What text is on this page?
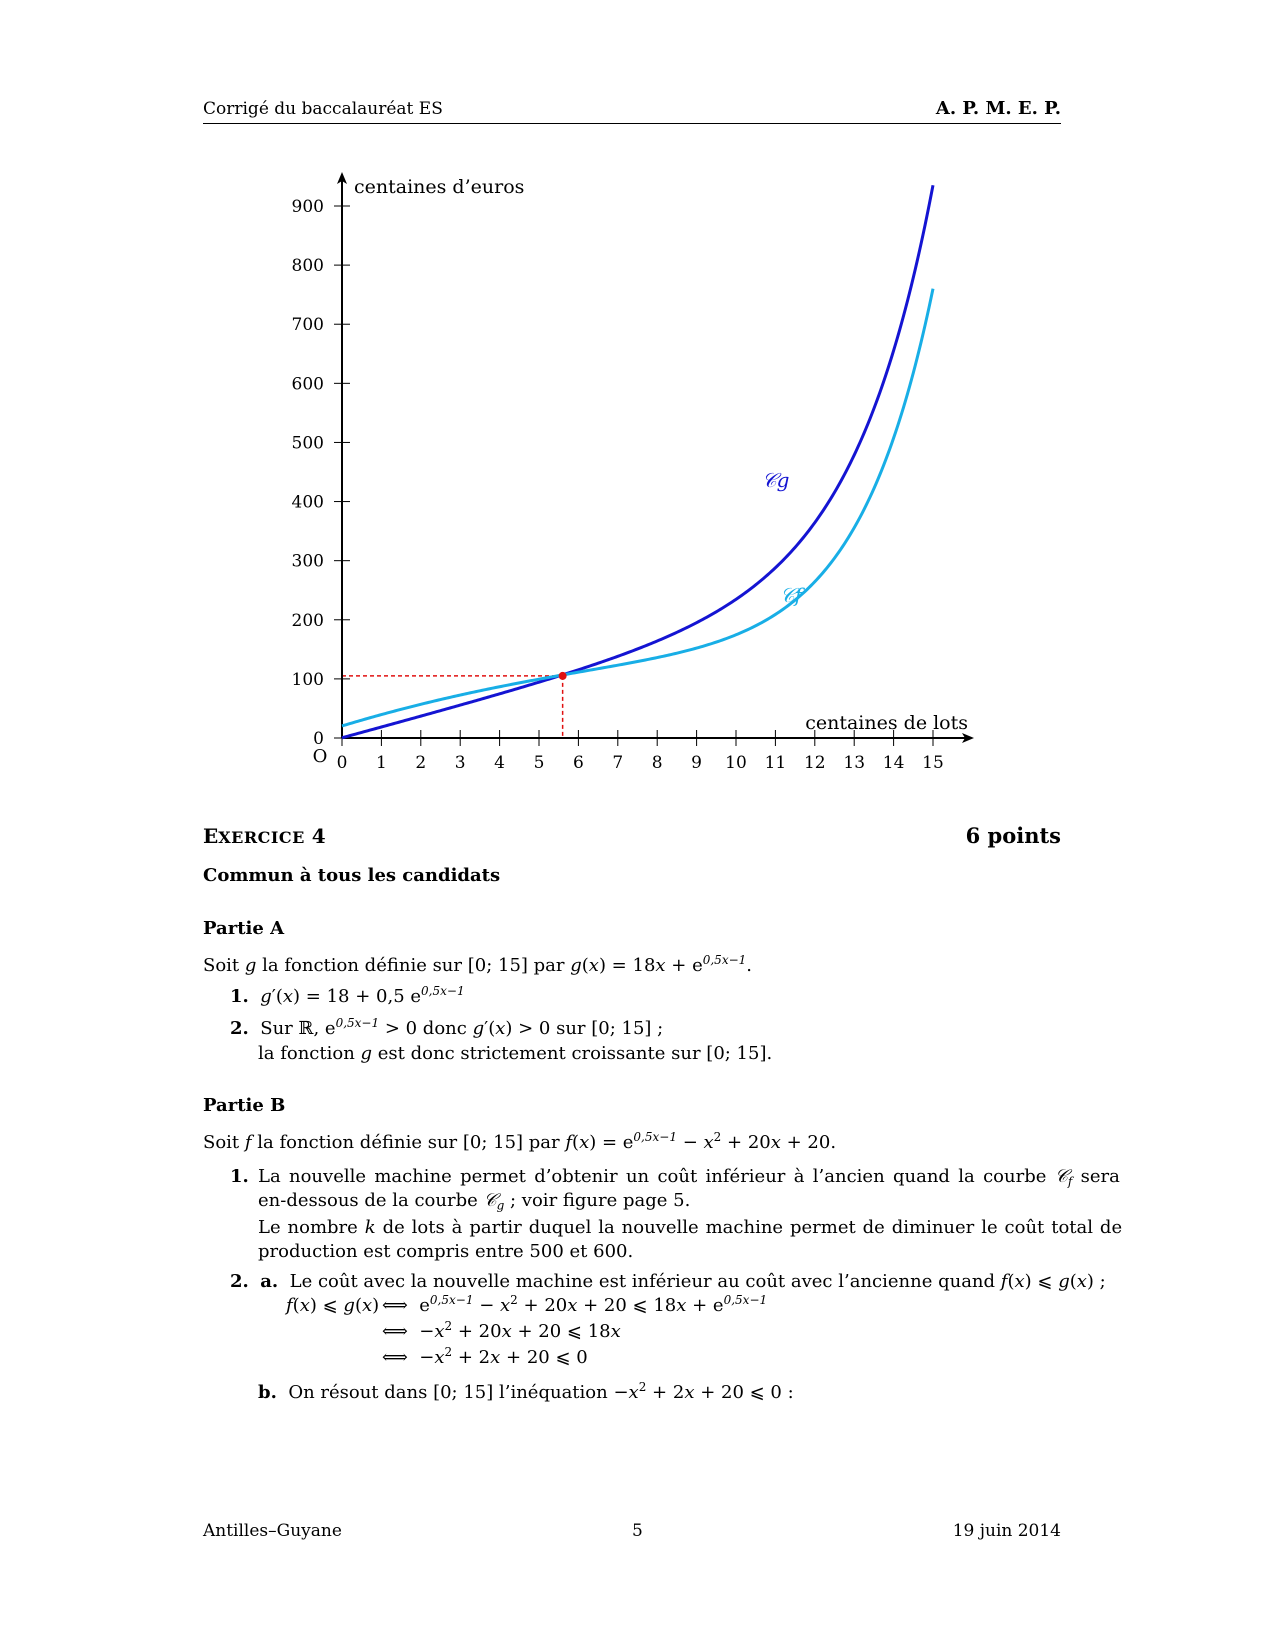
Corrigé du baccalauréat ES	A. P. M. E. P.
0 1 2 3 4 5 6 7 8 9 10 11 12 13 14 15
0
100
200
300
400
500
600
700
800
900
O
centaines d’euros
centaines de lots
𝒞g
𝒞f
EXERCICE 4	6 points
Commun à tous les candidats
Partie A
Soit g la fonction définie sur [0; 15] par $g(x) = 18x + e^{0,5x-1}$.
1. g′(x) = 18 + 0,5 $e^{0,5x-1}$
2. Sur ℝ, $e^{0,5x-1} > 0$ donc g′(x) > 0 sur [0; 15] ;
la fonction g est donc strictement croissante sur [0; 15].
Partie B
Soit f la fonction définie sur [0; 15] par $f(x) = e^{0,5x-1} - x^2 + 20x + 20$.
1. La nouvelle machine permet d’obtenir un coût inférieur à l’ancien quand la courbe 𝒞$_f$ sera
en-dessous de la courbe 𝒞$_g$ ; voir figure page 5.
Le nombre k de lots à partir duquel la nouvelle machine permet de diminuer le coût total de
production est compris entre 500 et 600.
2. a. Le coût avec la nouvelle machine est inférieur au coût avec l’ancienne quand f(x) ⩽ g(x) ;
f(x) ⩽ g(x) ⟺ $e^{0,5x-1} - x^2 + 20x + 20$ ⩽ $18x + e^{0,5x-1}$
⟺ $-x^2 + 20x + 20$ ⩽ 18x
⟺ $-x^2 + 2x + 20$ ⩽ 0
b. On résout dans [0; 15] l’inéquation $-x^2 + 2x + 20$ ⩽ 0 :
Antilles–Guyane	5	19 juin 2014
